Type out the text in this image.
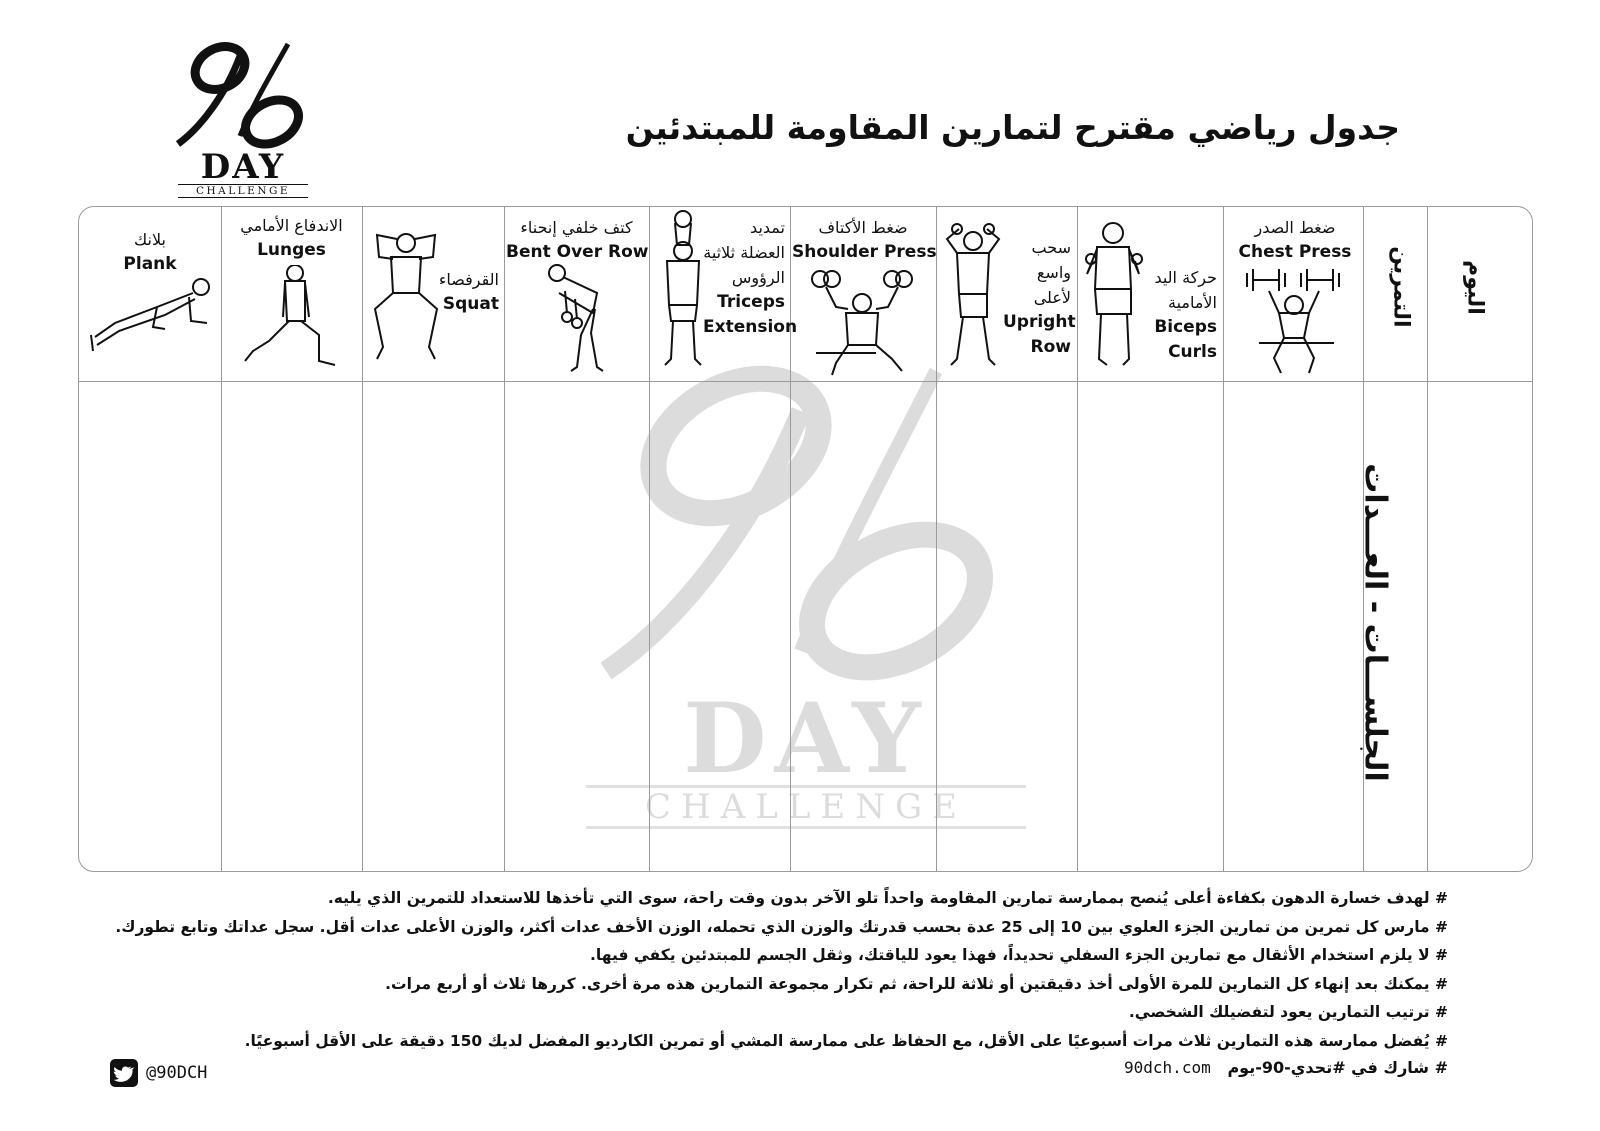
DAY
CHALLENGE
جدول رياضي مقترح لتمارين المقاومة للمبتدئين
DAY
CHALLENGE
اليوم
التمرين
الجلســـات - العـــدات
ضغط الصدر
Chest Press
حركة اليد الأمامية
Biceps Curls
سحب واسع لأعلى
Upright Row
ضغط الأكتاف
Shoulder Press
تمديد العضلة ثلاثية الرؤوس
Triceps Extension
كتف خلفي إنحناء
Bent Over Row
القرفصاء
Squat
الاندفاع الأمامي
Lunges
بلانك
Plank
# لهدف خسارة الدهون بكفاءة أعلى يُنصح بممارسة تمارين المقاومة واحداً تلو الآخر بدون وقت راحة، سوى التي تأخذها للاستعداد للتمرين الذي يليه.
# مارس كل تمرين من تمارين الجزء العلوي بين 10 إلى 25 عدة بحسب قدرتك والوزن الذي تحمله، الوزن الأخف عدات أكثر، والوزن الأعلى عدات أقل. سجل عداتك وتابع تطورك.
# لا يلزم استخدام الأثقال مع تمارين الجزء السفلي تحديداً، فهذا يعود للياقتك، وثقل الجسم للمبتدئين يكفي فيها.
# يمكنك بعد إنهاء كل التمارين للمرة الأولى أخذ دقيقتين أو ثلاثة للراحة، ثم تكرار مجموعة التمارين هذه مرة أخرى. كررها ثلاث أو أربع مرات.
# ترتيب التمارين يعود لتفضيلك الشخصي.
# يُفضل ممارسة هذه التمارين ثلاث مرات أسبوعيًا على الأقل، مع الحفاظ على ممارسة المشي أو تمرين الكارديو المفضل لديك 150 دقيقة على الأقل أسبوعيًا.
# شارك في #تحدي-90-يوم   90dch.com
@90DCH
